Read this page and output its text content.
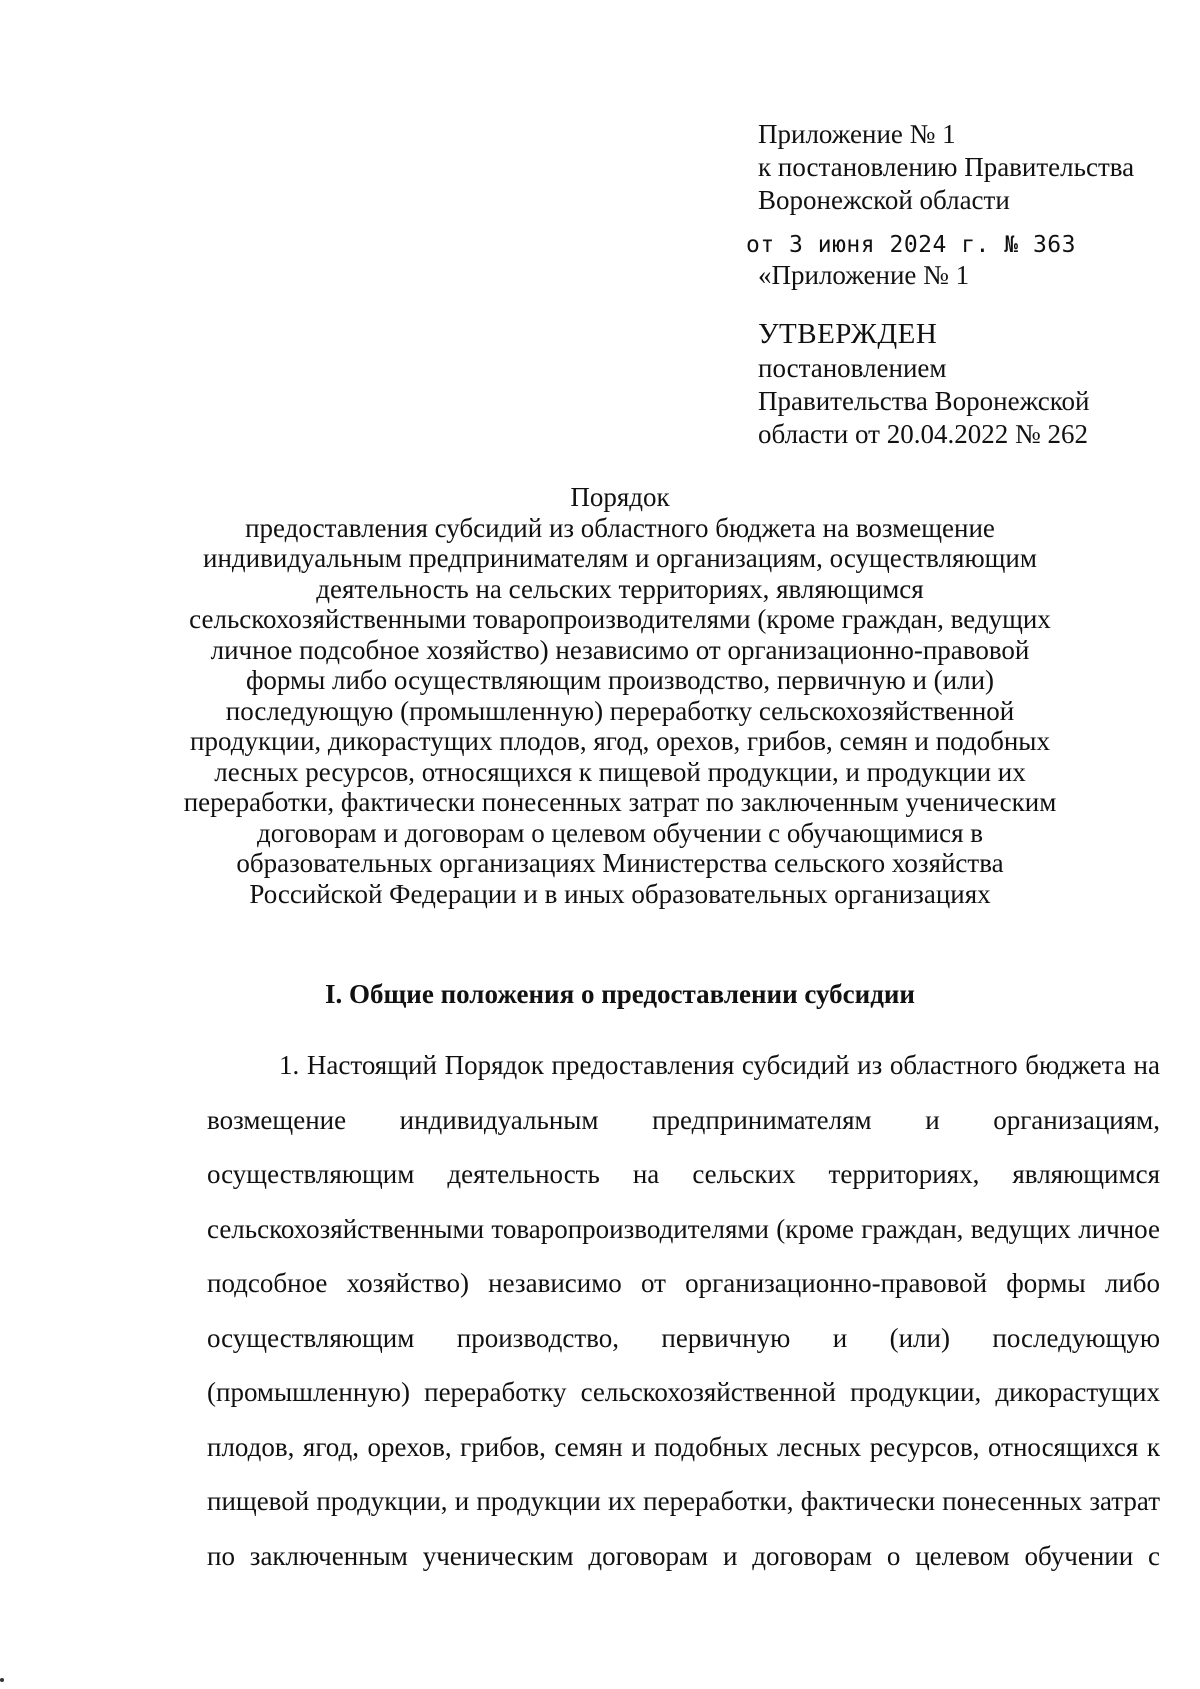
Приложение № 1
к постановлению Правительства
Воронежской области
от 3 июня 2024 г. № 363
«Приложение № 1
УТВЕРЖДЕН
постановлением
Правительства Воронежской
области от 20.04.2022 № 262
Порядок
предоставления субсидий из областного бюджета на возмещение индивидуальным предпринимателям и организациям, осуществляющим деятельность на сельских территориях, являющимся сельскохозяйственными товаропроизводителями (кроме граждан, ведущих личное подсобное хозяйство) независимо от организационно-правовой формы либо осуществляющим производство, первичную и (или) последующую (промышленную) переработку сельскохозяйственной продукции, дикорастущих плодов, ягод, орехов, грибов, семян и подобных лесных ресурсов, относящихся к пищевой продукции, и продукции их переработки, фактически понесенных затрат по заключенным ученическим договорам и договорам о целевом обучении с обучающимися в образовательных организациях Министерства сельского хозяйства Российской Федерации и в иных образовательных организациях
I. Общие положения о предоставлении субсидии

1. Настоящий Порядок предоставления субсидий из областного бюджета на возмещение индивидуальным предпринимателям и организациям, осуществляющим деятельность на сельских территориях, являющимся сельскохозяйственными товаропроизводителями (кроме граждан, ведущих личное подсобное хозяйство) независимо от организационно-правовой формы либо осуществляющим производство, первичную и (или) последующую (промышленную) переработку сельскохозяйственной продукции, дикорастущих плодов, ягод, орехов, грибов, семян и подобных лесных ресурсов, относящихся к пищевой продукции, и продукции их переработки, фактически понесенных затрат по заключенным ученическим договорам и договорам о целевом обучении с
